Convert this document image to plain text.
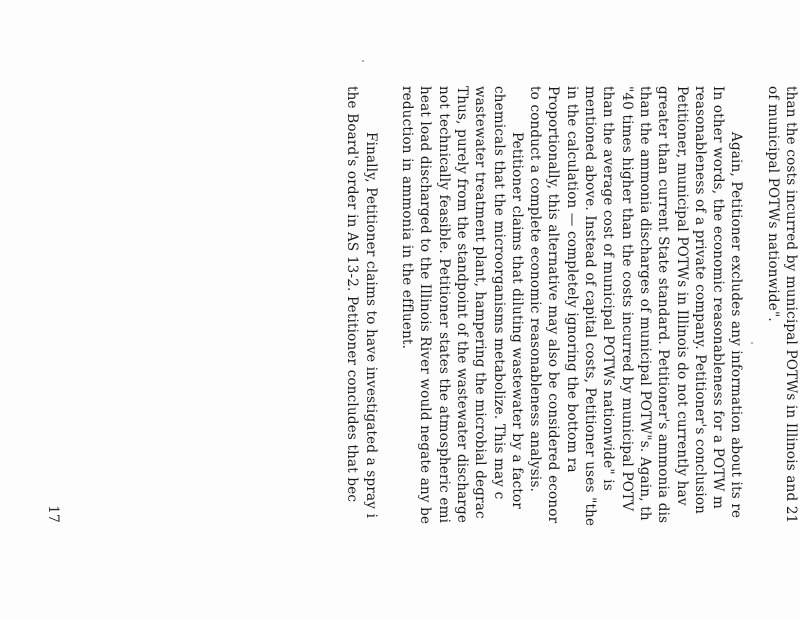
than the costs incurred by municipal POTWs in Illinois and 21
of municipal POTWs nationwide".
Again, Petitioner excludes any information about its re
In other words, the economic reasonableness for a POTW m
reasonableness of a private company. Petitioner's conclusion
Petitioner, municipal POTWs in Illinois do not currently hav
greater than current State standard. Petitioner's ammonia dis
than the ammonia discharges of municipal POTW"s. Again, th
"40 times higher than the costs incurred by municipal POTV
than the average cost of municipal POTWs nationwide" is
mentioned above. Instead of capital costs, Petitioner uses "the
in the calculation — completely ignoring the bottom ra
Proportionally, this alternative may also be considered econor
to conduct a complete economic reasonableness analysis.
Petitioner claims that diluting wastewater by a factor
chemicals that the microorganisms metabolize. This may c
wastewater treatment plant, hampering the microbial degrac
Thus, purely from the standpoint of the wastewater discharge
not technically feasible. Petitioner states the atmospheric emi
heat load discharged to the Illinois River would negate any be
reduction in ammonia in the effluent.
Finally, Petitioner claims to have investigated a spray i
the Board's order in AS 13-2. Petitioner concludes that bec
17
